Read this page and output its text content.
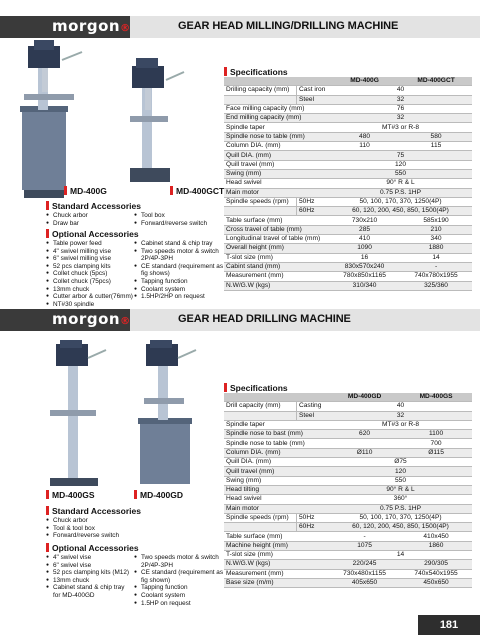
morgon®	GEAR HEAD MILLING/DRILLING MACHINE
MD-400G	MD-400GCT
Standard Accessories
● Chuck arbor
● Draw bar
● Tool box
● Forward/reverse switch
Optional Accessories
● Table power feed
● 4" swivel milling vise
● 6" swivel milling vise
● 52 pcs clamping kits
● Collet chuck (5pcs)
● Collet chuck (75pcs)
● 13mm chuck
● Cutter arbor & cutter(76mm)
● NT#30 spindle
● Cabinet stand & chip tray
● Two speeds motor & switch 2P/4P-3PH
● CE standard (requirement as fig shows)
● Tapping function
● Coolant system
● 1.5HP/2HP on request
Specifications
		MD-400G	MD-400GCT
Drilling capacity (mm)	Cast iron	40	
	Steel	32	
Face milling capacity (mm)		76	
End milling capacity (mm)		32	
Spindle taper		MT#3 or R-8	
Spindle nose to table (mm)		480	580
Column DIA. (mm)		110	115
Quill DIA. (mm)		75	
Quill travel (mm)		120	
Swing (mm)		550	
Head swivel		90° R & L	
Main motor		0.75 P.S. 1HP	
Spindle speeds (rpm)	50Hz	50, 100, 170, 370, 1250(4P)	
	60Hz	60, 120, 200, 450, 850, 1500(4P)	
Table surface (mm)		730x210	585x190
Cross travel of table (mm)		285	210
Longitudinal travel of table (mm)		410	340
Overall height (mm)		1090	1880
T-slot size (mm)		16	14
Cabint stand (mm)		830x570x240	-
Measurement (mm)		780x850x1165	740x780x1955
N.W/G.W (kgs)		310/340	325/360
morgon®	GEAR HEAD DRILLING MACHINE
MD-400GS	MD-400GD
Standard Accessories
● Chuck arbor
● Tool & tool box
● Forward/reverse switch
Optional Accessories
● 4" swivel vise
● 6" swivel vise
● 52 pcs clamping kits (M12)
● 13mm chuck
● Cabinet stand & chip tray for MD-400GD
● Two speeds motor & switch 2P/4P-3PH
● CE standard (requirement as fig shown)
● Tapping function
● Coolant system
● 1.5HP on request
Specifications
		MD-400GD	MD-400GS
Drill capacity (mm)	Casting	40	
	Steel	32	
Spindle taper		MT#3 or R-8	
Spindle nose to bast (mm)		620	1100
Spindle nose to table (mm)			700
Column DIA. (mm)		Ø110	Ø115
Quill DIA. (mm)		Ø75	
Quill travel (mm)		120	
Swing (mm)		550	
Head tilting		90° R & L	
Head swivel		360°	
Main motor		0.75 P.S. 1HP	
Spindle speeds (rpm)	50Hz	50, 100, 170, 370, 1250(4P)	
	60Hz	60, 120, 200, 450, 850, 1500(4P)	
Table surface (mm)		-	410x450
Machine height (mm)		1075	1860
T-slot size (mm)		14	
N.W/G.W (kgs)		220/245	290/305
Measurement (mm)		730x480x1155	740x540x1955
Base size (m/m)		405x650	450x650
181
